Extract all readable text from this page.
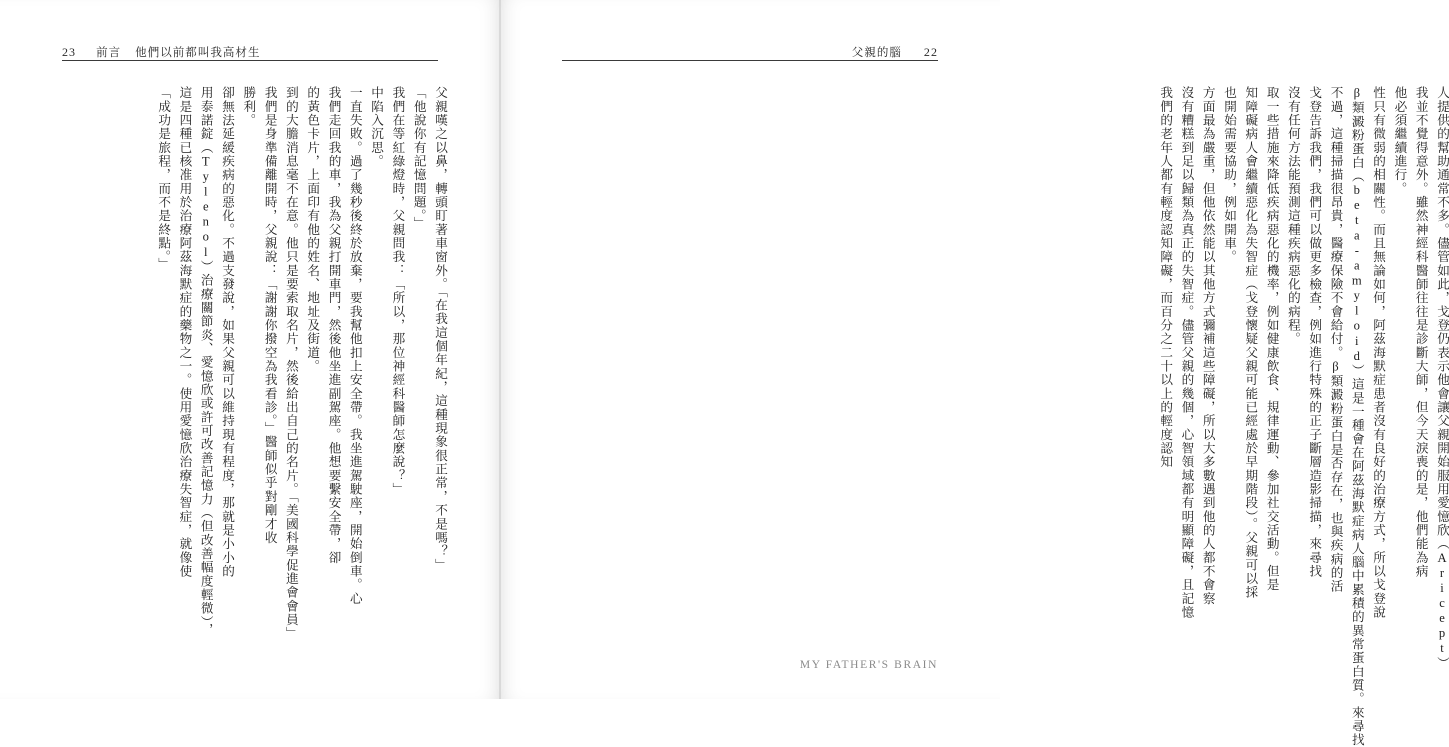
23 前言 他們以前都叫我高材生
父親嘆之以鼻，轉頭盯著車窗外。「在我這個年紀，這種現象很正常，不是嗎？」
「他說你有記憶問題。」
我們在等紅綠燈時，父親問我：「所以，那位神經科醫師怎麼說？」
中陷入沉思。
一直失敗。過了幾秒後終於放棄，要我幫他扣上安全帶。我坐進駕駛座，開始倒車。心
我們走回我的車，我為父親打開車門，然後他坐進副駕座。他想要繫安全帶，卻
的黃色卡片，上面印有他的姓名、地址及街道。
到的大膽消息毫不在意。他只是要索取名片，然後給出自己的名片。「美國科學促進會會員」
我們是身準備離開時，父親說：「謝謝你撥空為我看診。」醫師似乎對剛才收
勝利。
卻無法延緩疾病的惡化。不過支發說，如果父親可以維持現有程度，那就是小小的
用泰諾錠（Tylenol）治療關節炎、愛憶欣或許可改善記憶力（但改善幅度輕微），
這是四種已核准用於治療阿茲海默症的藥物之一。使用愛憶欣治療失智症，就像使
「成功是旅程，而不是終點。」
父親的腦 22
人提供的幫助通常不多。儘管如此，戈登仍表示他會讓父親開始服用愛憶欣（Aricept）
我並不覺得意外。雖然神經科醫師往往是診斷大師，但今天淚喪的是，他們能為病
他必須繼續進行。
性只有微弱的相關性。而且無論如何，阿茲海默症患者沒有良好的治療方式，所以戈登說
β類澱粉蛋白（beta-amyloid）這是一種會在阿茲海默症病人腦中累積的異常蛋白質。來尋找
不過，這種掃描很昂貴，醫療保險不會給付。β類澱粉蛋白是否存在，也與疾病的活
戈登告訴我們，我們可以做更多檢查，例如進行特殊的正子斷層造影掃描，來尋找
沒有任何方法能預測這種疾病惡化的病程。
取一些措施來降低疾病惡化的機率，例如健康飲食、規律運動、參加社交活動。但是
知障礙病人會繼續惡化為失智症（戈登懷疑父親可能已經處於早期階段）。父親可以採
也開始需要協助，例如開車。
方面最為嚴重，但他依然能以其他方式彌補這些障礙，所以大多數遇到他的人都不會察
沒有糟糕到足以歸類為真正的失智症。儘管父親的幾個，心智領域都有明顯障礙，且記憶
我們的老年人都有輕度認知障礙，而百分之二十以上的輕度認知
MY FATHER'S BRAIN
